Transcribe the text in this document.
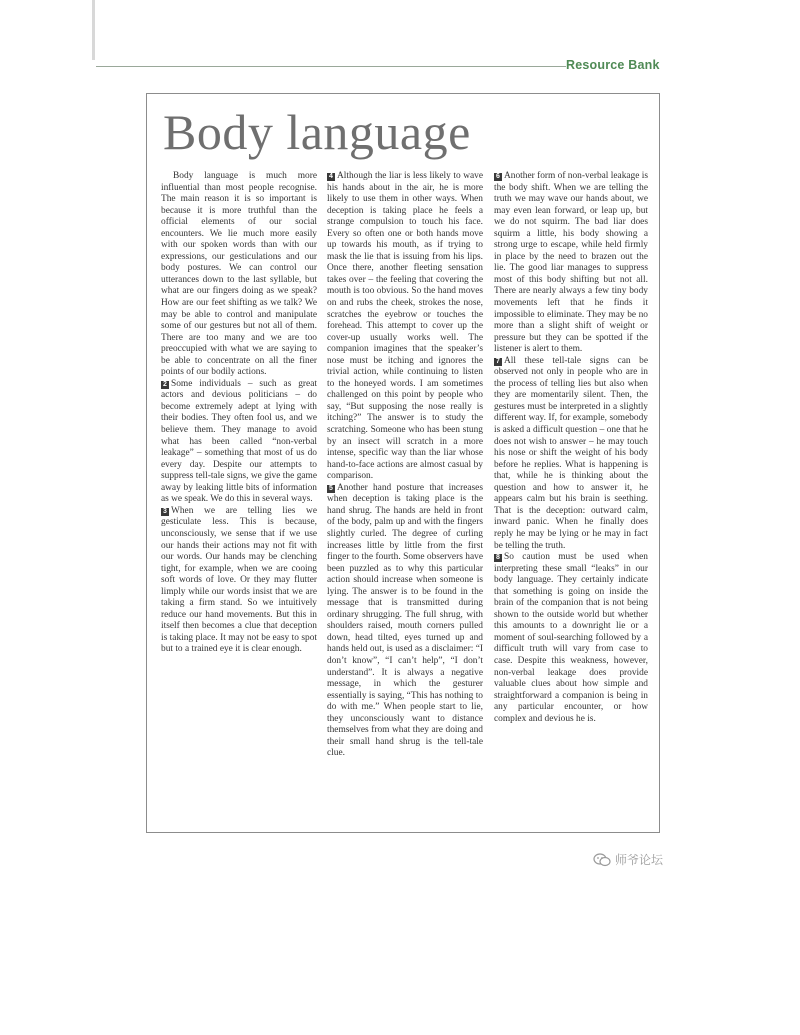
Resource Bank
Body language

Body language is much more influential than most people recognise. The main reason it is so important is because it is more truthful than the official elements of our social encounters. We lie much more easily with our spoken words than with our expressions, our gesticulations and our body postures. We can control our utterances down to the last syllable, but what are our fingers doing as we speak? How are our feet shifting as we talk? We may be able to control and manipulate some of our gestures but not all of them. There are too many and we are too preoccupied with what we are saying to be able to concentrate on all the finer points of our bodily actions.

2 Some individuals – such as great actors and devious politicians – do become extremely adept at lying with their bodies. They often fool us, and we believe them. They manage to avoid what has been called “non-verbal leakage” – something that most of us do every day. Despite our attempts to suppress tell-tale signs, we give the game away by leaking little bits of information as we speak. We do this in several ways.

3 When we are telling lies we gesticulate less. This is because, unconsciously, we sense that if we use our hands their actions may not fit with our words. Our hands may be clenching tight, for example, when we are cooing soft words of love. Or they may flutter limply while our words insist that we are taking a firm stand. So we intuitively reduce our hand movements. But this in itself then becomes a clue that deception is taking place. It may not be easy to spot but to a trained eye it is clear enough.

4 Although the liar is less likely to wave his hands about in the air, he is more likely to use them in other ways. When deception is taking place he feels a strange compulsion to touch his face. Every so often one or both hands move up towards his mouth, as if trying to mask the lie that is issuing from his lips. Once there, another fleeting sensation takes over – the feeling that covering the mouth is too obvious. So the hand moves on and rubs the cheek, strokes the nose, scratches the eyebrow or touches the forehead. This attempt to cover up the cover-up usually works well. The companion imagines that the speaker’s nose must be itching and ignores the trivial action, while continuing to listen to the honeyed words. I am sometimes challenged on this point by people who say, “But supposing the nose really is itching?” The answer is to study the scratching. Someone who has been stung by an insect will scratch in a more intense, specific way than the liar whose hand-to-face actions are almost casual by comparison.

5 Another hand posture that increases when deception is taking place is the hand shrug. The hands are held in front of the body, palm up and with the fingers slightly curled. The degree of curling increases little by little from the first finger to the fourth. Some observers have been puzzled as to why this particular action should increase when someone is lying. The answer is to be found in the message that is transmitted during ordinary shrugging. The full shrug, with shoulders raised, mouth corners pulled down, head tilted, eyes turned up and hands held out, is used as a disclaimer: “I don’t know”, “I can’t help”, “I don’t understand”. It is always a negative message, in which the gesturer essentially is saying, “This has nothing to do with me.” When people start to lie, they unconsciously want to distance themselves from what they are doing and their small hand shrug is the tell-tale clue.

6 Another form of non-verbal leakage is the body shift. When we are telling the truth we may wave our hands about, we may even lean forward, or leap up, but we do not squirm. The bad liar does squirm a little, his body showing a strong urge to escape, while held firmly in place by the need to brazen out the lie. The good liar manages to suppress most of this body shifting but not all. There are nearly always a few tiny body movements left that he finds it impossible to eliminate. They may be no more than a slight shift of weight or pressure but they can be spotted if the listener is alert to them.

7 All these tell-tale signs can be observed not only in people who are in the process of telling lies but also when they are momentarily silent. Then, the gestures must be interpreted in a slightly different way. If, for example, somebody is asked a difficult question – one that he does not wish to answer – he may touch his nose or shift the weight of his body before he replies. What is happening is that, while he is thinking about the question and how to answer it, he appears calm but his brain is seething. That is the deception: outward calm, inward panic. When he finally does reply he may be lying or he may in fact be telling the truth.

8 So caution must be used when interpreting these small “leaks” in our body language. They certainly indicate that something is going on inside the brain of the companion that is not being shown to the outside world but whether this amounts to a downright lie or a moment of soul-searching followed by a difficult truth will vary from case to case. Despite this weakness, however, non-verbal leakage does provide valuable clues about how simple and straightforward a companion is being in any particular encounter, or how complex and devious he is.

师爷论坛
